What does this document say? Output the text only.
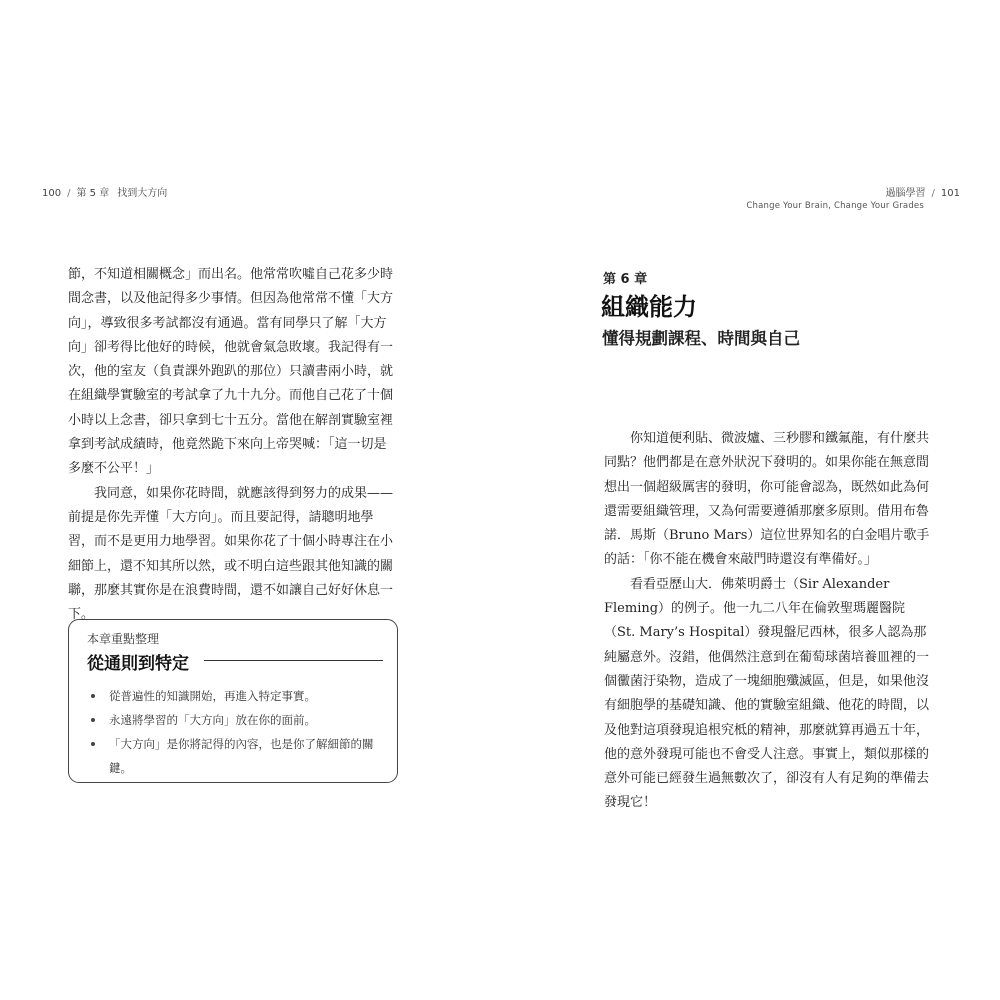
100 / 第 5 章 找到大方向

節，不知道相關概念」而出名。他常常吹噓自己花多少時間念書，以及他記得多少事情。但因為他常常不懂「大方向」，導致很多考試都沒有通過。當有同學只了解「大方向」卻考得比他好的時候，他就會氣急敗壞。我記得有一次，他的室友（負責課外跑趴的那位）只讀書兩小時，就在組織學實驗室的考試拿了九十九分。而他自己花了十個小時以上念書，卻只拿到七十五分。當他在解剖實驗室裡拿到考試成績時，他竟然跪下來向上帝哭喊：「這一切是多麼不公平！」

我同意，如果你花時間，就應該得到努力的成果——前提是你先弄懂「大方向」。而且要記得，請聰明地學習，而不是更用力地學習。如果你花了十個小時專注在小細節上，還不知其所以然，或不明白這些跟其他知識的關聯，那麼其實你是在浪費時間，還不如讓自己好好休息一下。

本章重點整理
從通則到特定
從普遍性的知識開始，再進入特定事實。
永遠將學習的「大方向」放在你的面前。
「大方向」是你將記得的內容，也是你了解細節的關鍵。
過腦學習 / 101
Change Your Brain, Change Your Grades
第 6 章
組織能力
懂得規劃課程、時間與自己

你知道便利貼、微波爐、三秒膠和鐵氟龍，有什麼共同點？他們都是在意外狀況下發明的。如果你能在無意間想出一個超級厲害的發明，你可能會認為，既然如此為何還需要組織管理，又為何需要遵循那麼多原則。借用布魯諾．馬斯（Bruno Mars）這位世界知名的白金唱片歌手的話：「你不能在機會來敲門時還沒有準備好。」

看看亞歷山大．佛萊明爵士（Sir Alexander Fleming）的例子。他一九二八年在倫敦聖瑪麗醫院（St. Mary’s Hospital）發現盤尼西林，很多人認為那純屬意外。沒錯，他偶然注意到在葡萄球菌培養皿裡的一個黴菌汙染物，造成了一塊細胞殲滅區，但是，如果他沒有細胞學的基礎知識、他的實驗室組織、他花的時間，以及他對這項發現追根究柢的精神，那麼就算再過五十年，他的意外發現可能也不會受人注意。事實上，類似那樣的意外可能已經發生過無數次了，卻沒有人有足夠的準備去發現它！
